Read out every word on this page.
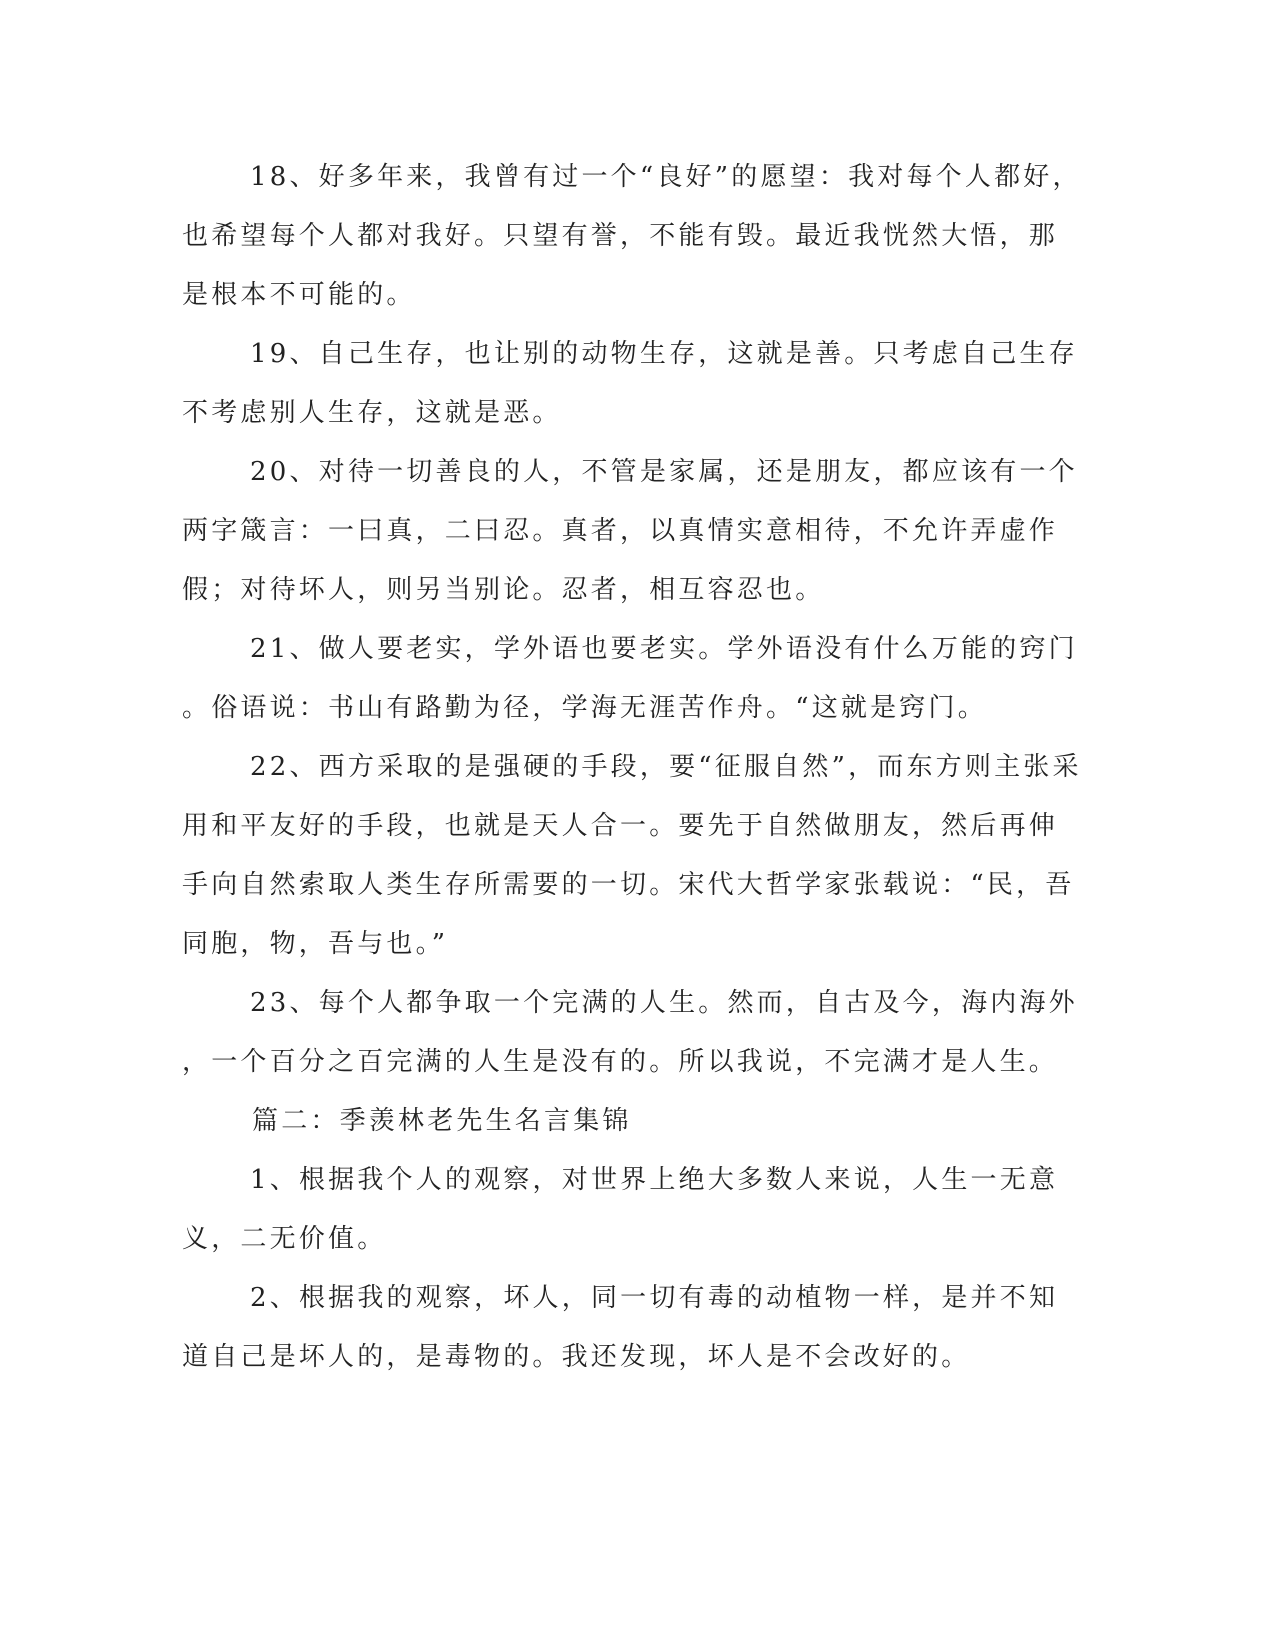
18、好多年来，我曾有过一个“良好”的愿望：我对每个人都好，
也希望每个人都对我好。只望有誉，不能有毁。最近我恍然大悟，那
是根本不可能的。

19、自己生存，也让别的动物生存，这就是善。只考虑自己生存
不考虑别人生存，这就是恶。

20、对待一切善良的人，不管是家属，还是朋友，都应该有一个
两字箴言：一曰真，二曰忍。真者，以真情实意相待，不允许弄虚作
假；对待坏人，则另当别论。忍者，相互容忍也。

21、做人要老实，学外语也要老实。学外语没有什么万能的窍门
。俗语说：书山有路勤为径，学海无涯苦作舟。“这就是窍门。

22、西方采取的是强硬的手段，要“征服自然”，而东方则主张采
用和平友好的手段，也就是天人合一。要先于自然做朋友，然后再伸
手向自然索取人类生存所需要的一切。宋代大哲学家张载说：“民，吾
同胞，物，吾与也。”

23、每个人都争取一个完满的人生。然而，自古及今，海内海外
，一个百分之百完满的人生是没有的。所以我说，不完满才是人生。

篇二：季羡林老先生名言集锦

1、根据我个人的观察，对世界上绝大多数人来说，人生一无意
义，二无价值。

2、根据我的观察，坏人，同一切有毒的动植物一样，是并不知
道自己是坏人的，是毒物的。我还发现，坏人是不会改好的。
